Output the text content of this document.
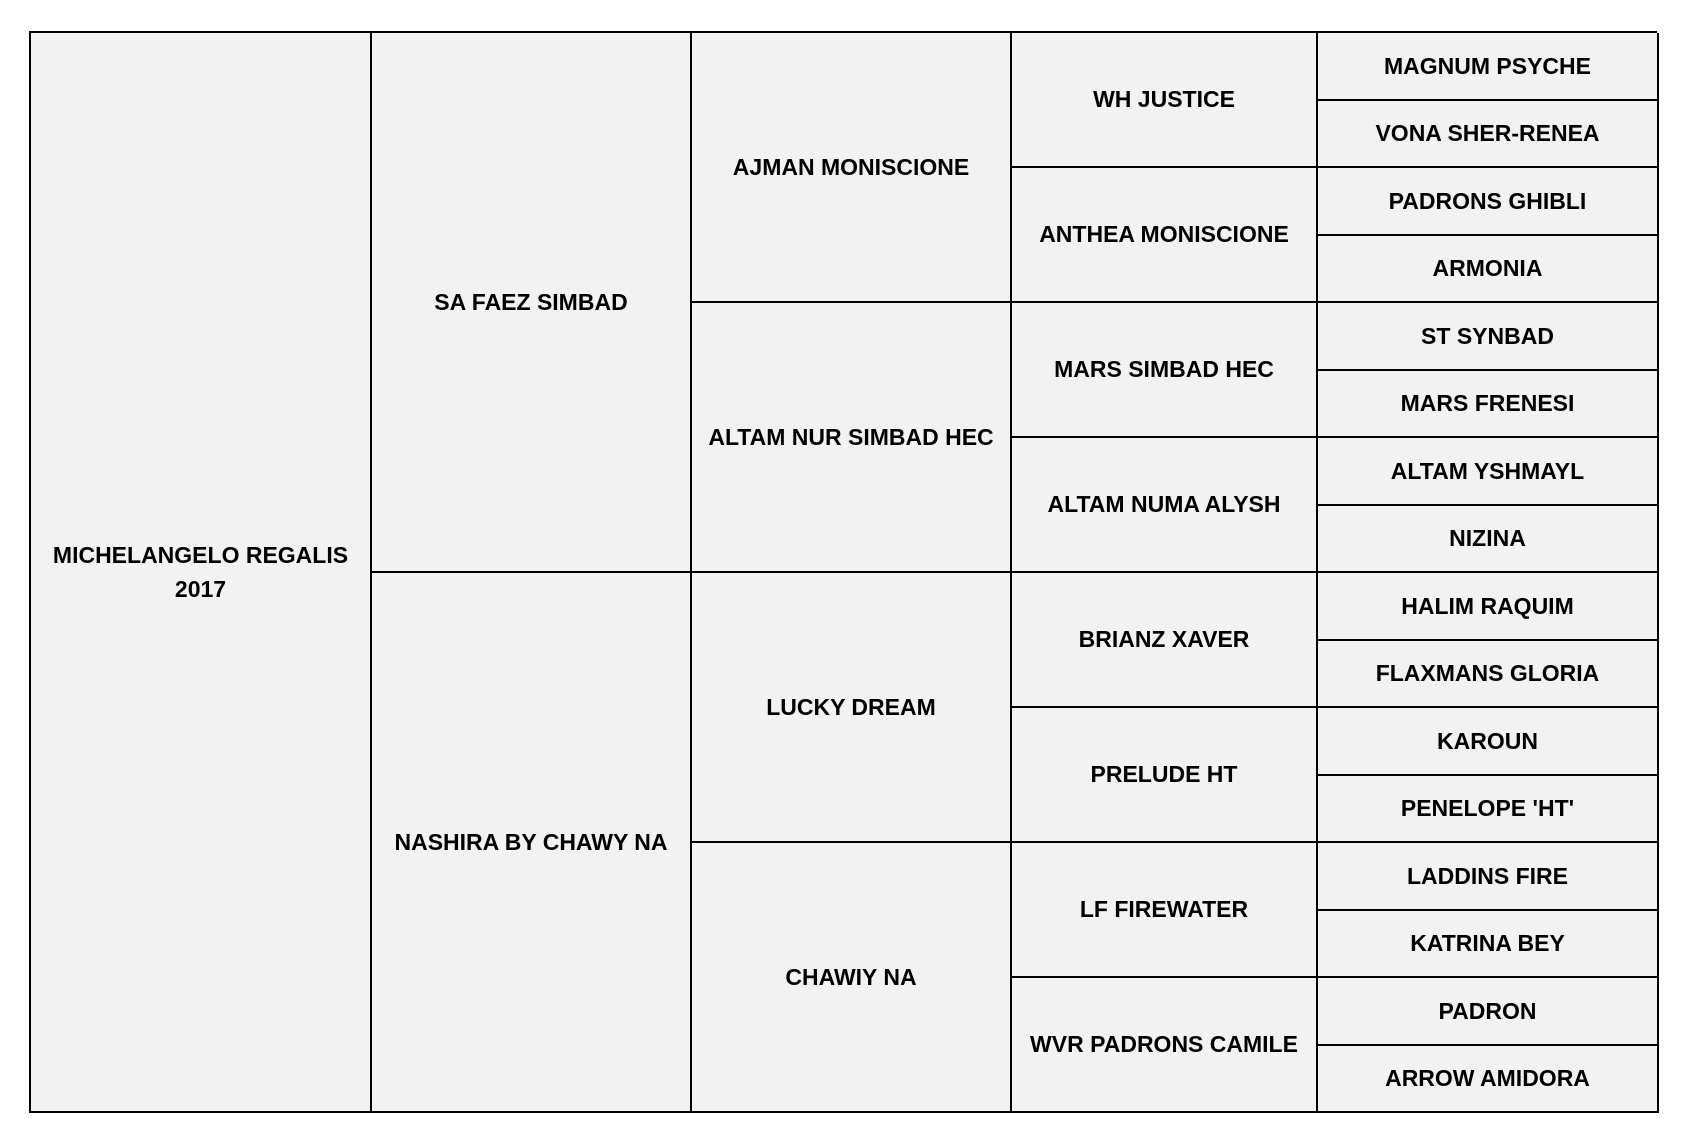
MICHELANGELO REGALIS
2017
SA FAEZ SIMBAD
NASHIRA BY CHAWY NA
AJMAN MONISCIONE
ALTAM NUR SIMBAD HEC
LUCKY DREAM
CHAWIY NA
WH JUSTICE
ANTHEA MONISCIONE
MARS SIMBAD HEC
ALTAM NUMA ALYSH
BRIANZ XAVER
PRELUDE HT
LF FIREWATER
WVR PADRONS CAMILE
MAGNUM PSYCHE
VONA SHER-RENEA
PADRONS GHIBLI
ARMONIA
ST SYNBAD
MARS FRENESI
ALTAM YSHMAYL
NIZINA
HALIM RAQUIM
FLAXMANS GLORIA
KAROUN
PENELOPE 'HT'
LADDINS FIRE
KATRINA BEY
PADRON
ARROW AMIDORA
